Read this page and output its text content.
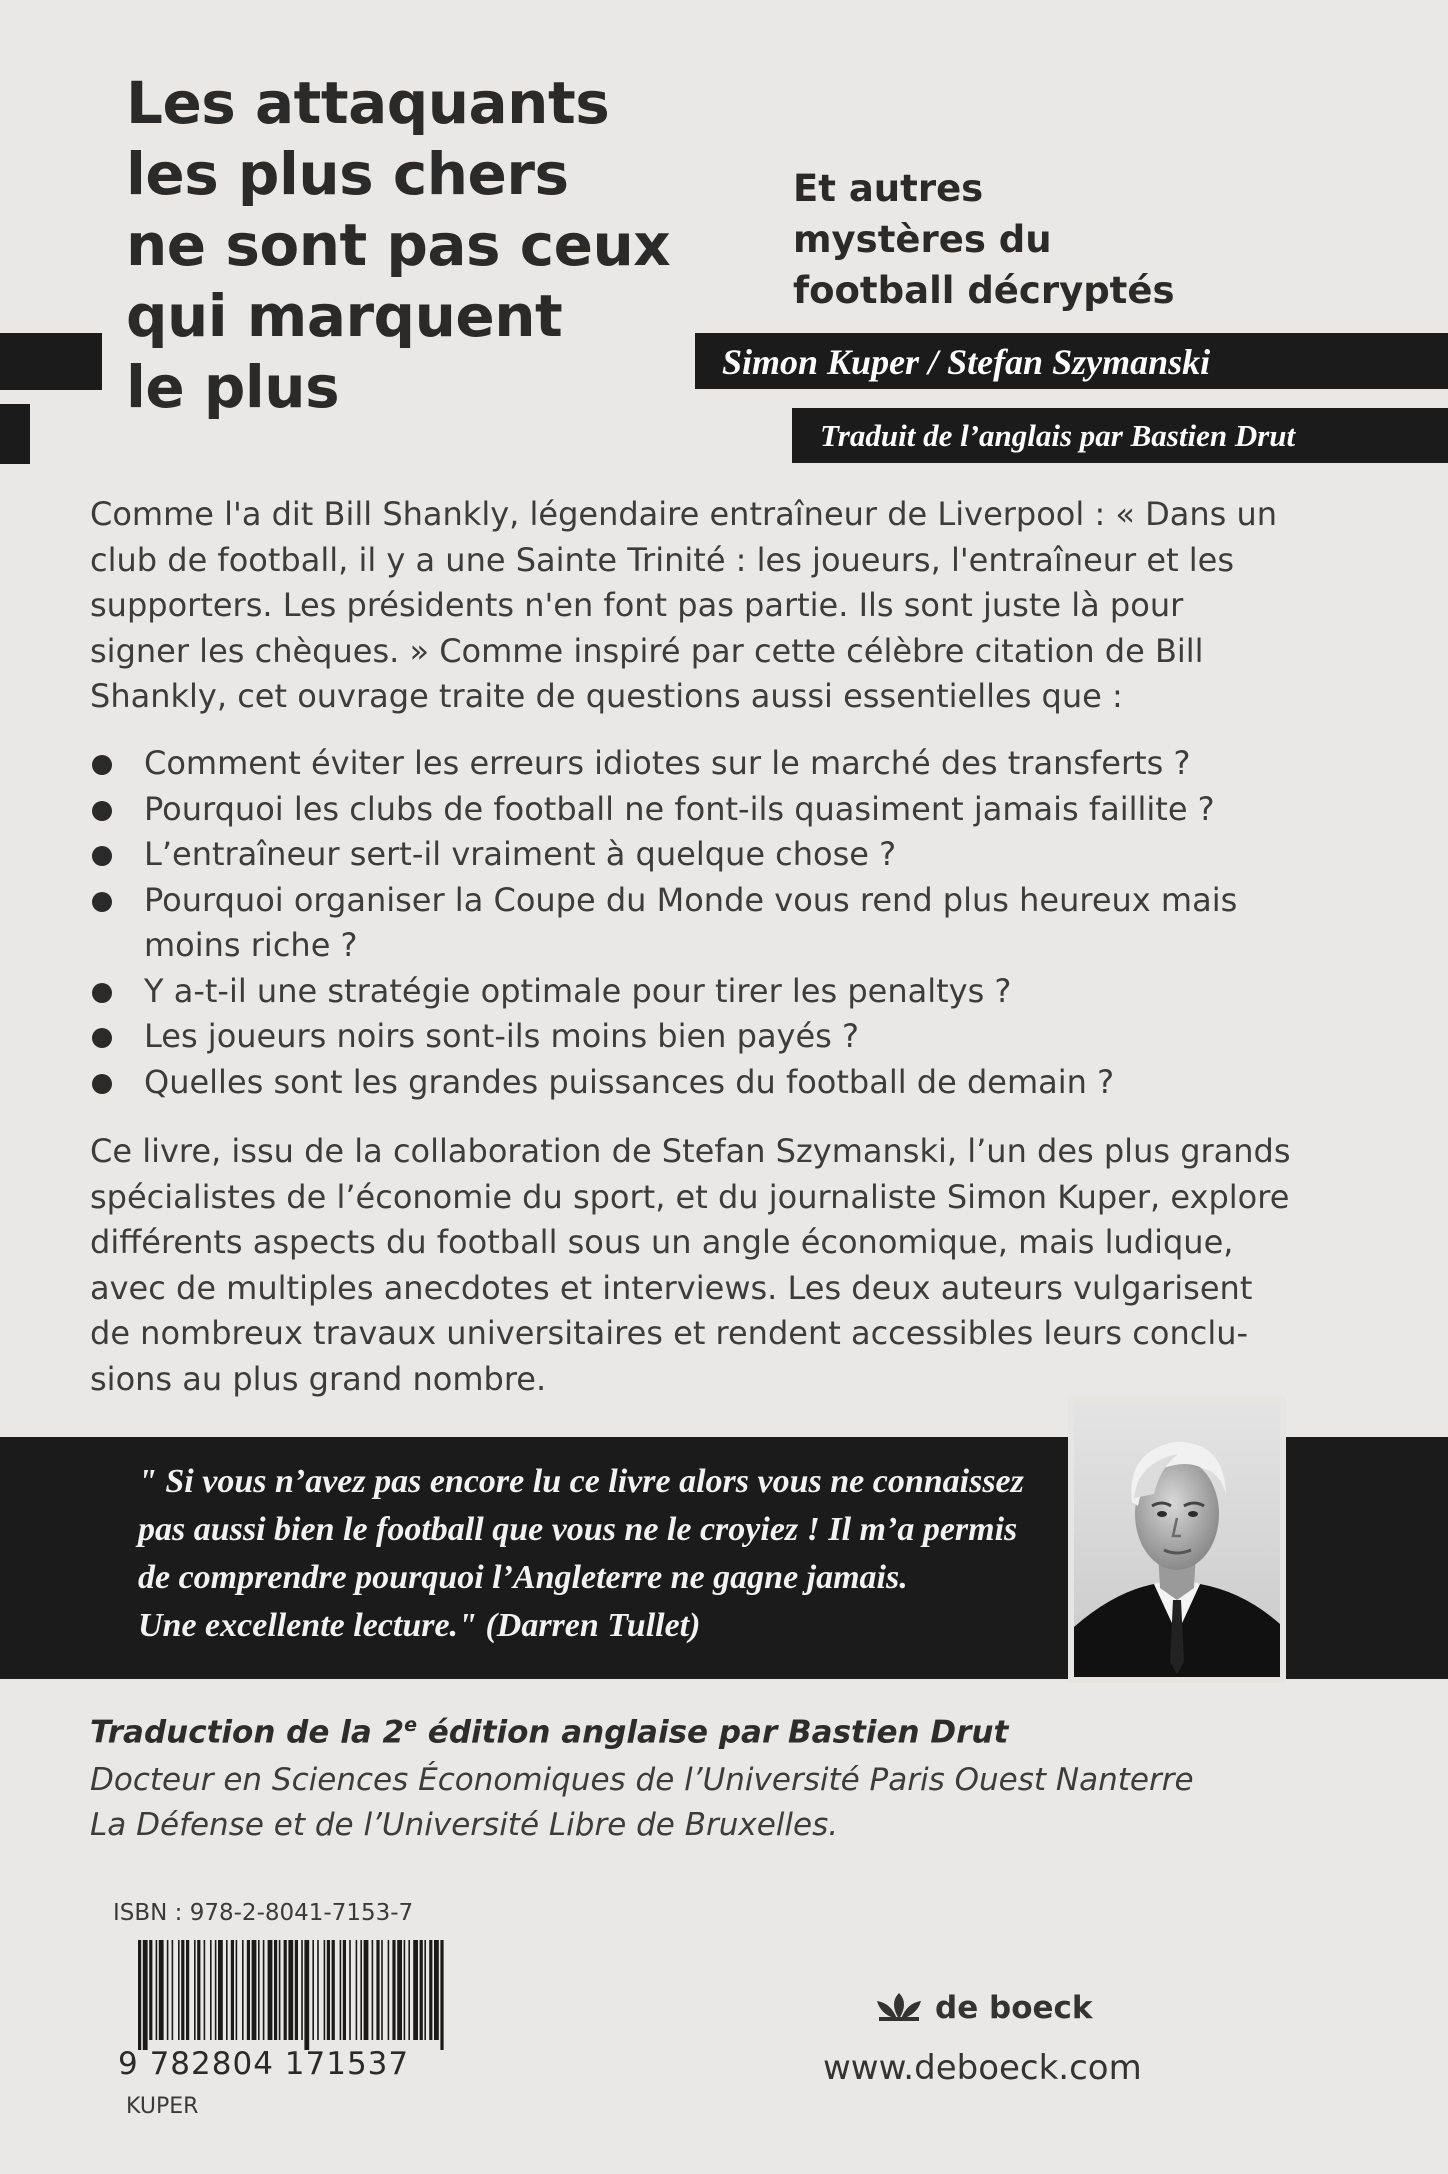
Les attaquants
les plus chers
ne sont pas ceux
qui marquent
le plus
Et autres
mystères du
football décryptés
Simon Kuper / Stefan Szymanski
Traduit de l’anglais par Bastien Drut
Comme l'a dit Bill Shankly, légendaire entraîneur de Liverpool : « Dans un
club de football, il y a une Sainte Trinité : les joueurs, l'entraîneur et les
supporters. Les présidents n'en font pas partie. Ils sont juste là pour
signer les chèques. » Comme inspiré par cette célèbre citation de Bill
Shankly, cet ouvrage traite de questions aussi essentielles que :
Comment éviter les erreurs idiotes sur le marché des transferts ?
Pourquoi les clubs de football ne font-ils quasiment jamais faillite ?
L’entraîneur sert-il vraiment à quelque chose ?
Pourquoi organiser la Coupe du Monde vous rend plus heureux mais
moins riche ?
Y a-t-il une stratégie optimale pour tirer les penaltys ?
Les joueurs noirs sont-ils moins bien payés ?
Quelles sont les grandes puissances du football de demain ?
Ce livre, issu de la collaboration de Stefan Szymanski, l’un des plus grands
spécialistes de l’économie du sport, et du journaliste Simon Kuper, explore
différents aspects du football sous un angle économique, mais ludique,
avec de multiples anecdotes et interviews. Les deux auteurs vulgarisent
de nombreux travaux universitaires et rendent accessibles leurs conclu-
sions au plus grand nombre.
" Si vous n’avez pas encore lu ce livre alors vous ne connaissez
pas aussi bien le football que vous ne le croyiez ! Il m’a permis
de comprendre pourquoi l’Angleterre ne gagne jamais.
Une excellente lecture." (Darren Tullet)
Traduction de la 2e édition anglaise par Bastien Drut
Docteur en Sciences Économiques de l’Université Paris Ouest Nanterre
La Défense et de l’Université Libre de Bruxelles.
ISBN : 978-2-8041-7153-7
9 782804 171537
KUPER
de boeck
www.deboeck.com
